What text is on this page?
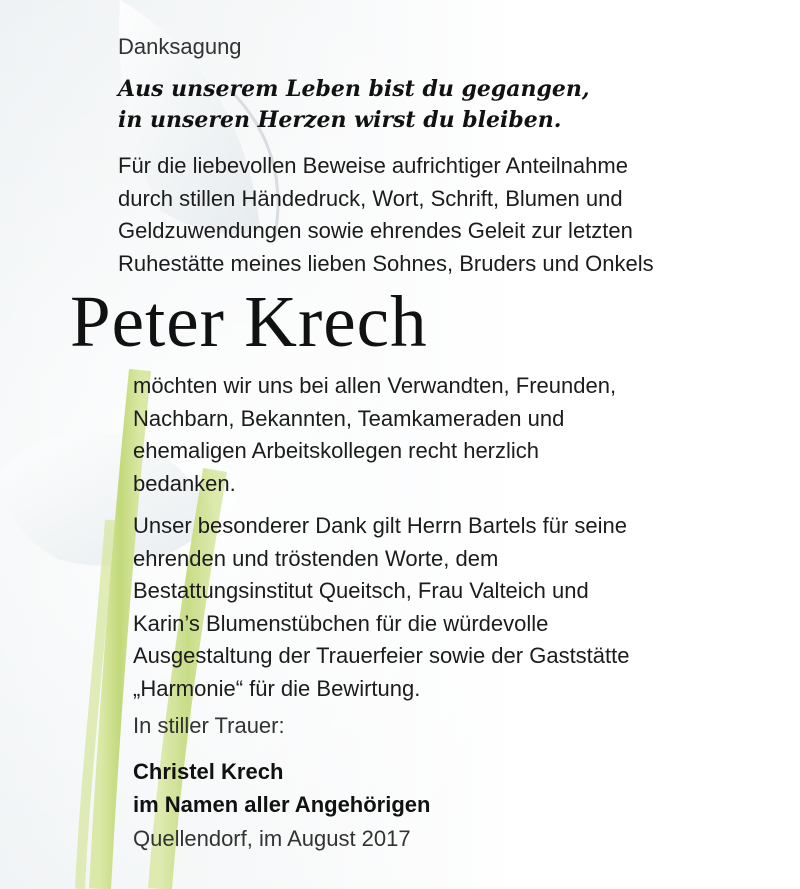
Danksagung
Aus unserem Leben bist du gegangen,
in unseren Herzen wirst du bleiben.
Für die liebevollen Beweise aufrichtiger Anteilnahme
durch stillen Händedruck, Wort, Schrift, Blumen und
Geldzuwendungen sowie ehrendes Geleit zur letzten
Ruhestätte meines lieben Sohnes, Bruders und Onkels
Peter Krech
möchten wir uns bei allen Verwandten, Freunden,
Nachbarn, Bekannten, Teamkameraden und
ehemaligen Arbeitskollegen recht herzlich
bedanken.
Unser besonderer Dank gilt Herrn Bartels für seine
ehrenden und tröstenden Worte, dem
Bestattungsinstitut Queitsch, Frau Valteich und
Karin’s Blumenstübchen für die würdevolle
Ausgestaltung der Trauerfeier sowie der Gaststätte
„Harmonie“ für die Bewirtung.
In stiller Trauer:
Christel Krech
im Namen aller Angehörigen
Quellendorf, im August 2017
